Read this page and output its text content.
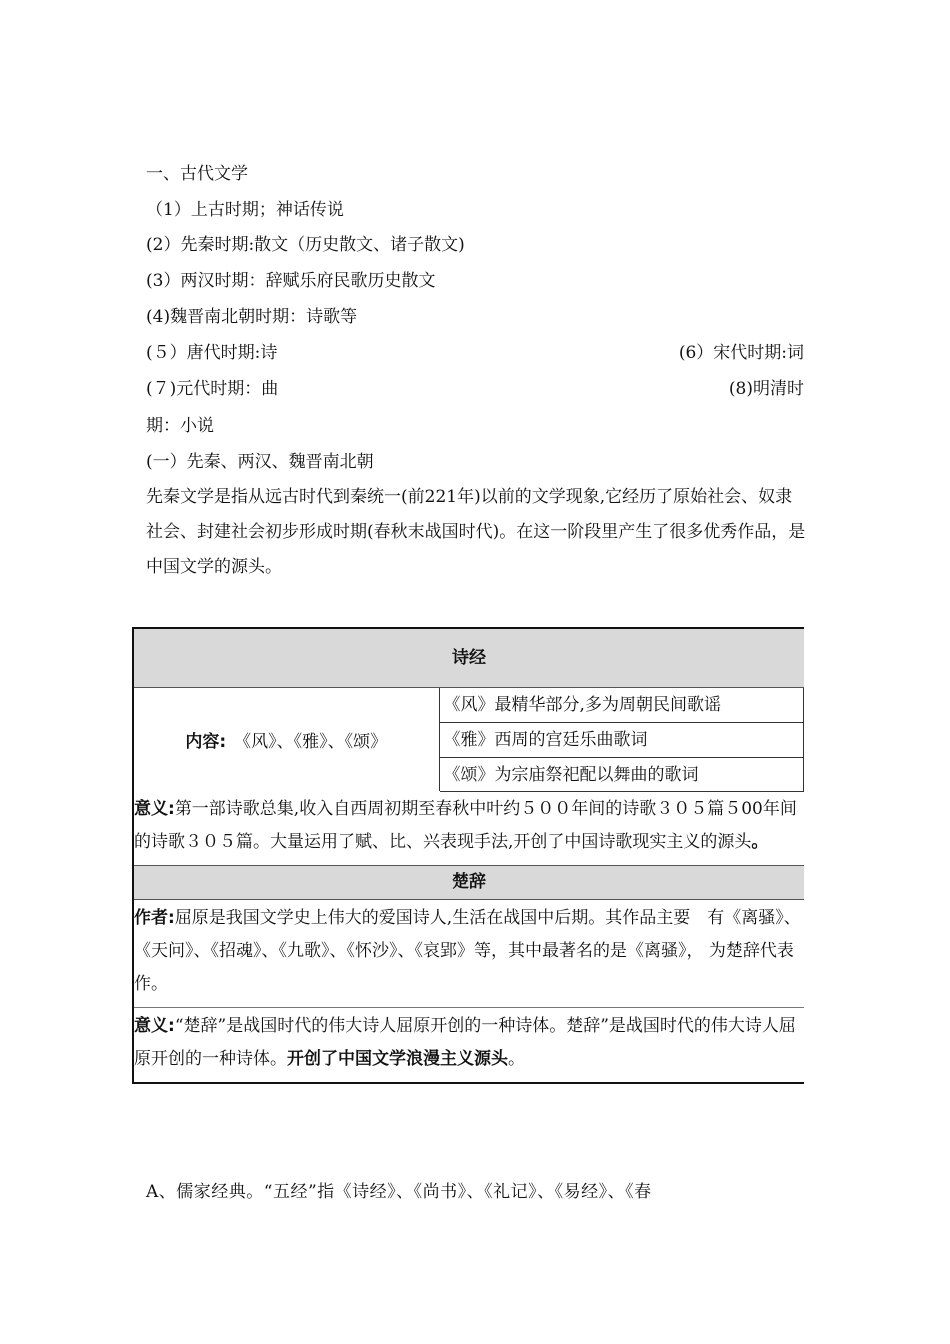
一、古代文学
（1）上古时期；神话传说
(2）先秦时期:散文（历史散文、诸子散文)
(3）两汉时期：辞赋乐府民歌历史散文
(4)魏晋南北朝时期：诗歌等
(５）唐代时期:诗	(6）宋代时期:词
(７)元代时期：曲	(8)明清时
期：小说
(一）先秦、两汉、魏晋南北朝
先秦文学是指从远古时代到秦统一(前221年)以前的文学现象,它经历了原始社会、奴隶社会、封建社会初步形成时期(春秋末战国时代)。在这一阶段里产生了很多优秀作品，是中国文学的源头。
诗经
内容: 《风》、《雅》、《颂》
《风》最精华部分,多为周朝民间歌谣
《雅》西周的宫廷乐曲歌词
《颂》为宗庙祭祀配以舞曲的歌词
意义:第一部诗歌总集,收入自西周初期至春秋中叶约５００年间的诗歌３０５篇５00年间的诗歌３０５篇。大量运用了赋、比、兴表现手法,开创了中国诗歌现实主义的源头。
楚辞
作者:屈原是我国文学史上伟大的爱国诗人,生活在战国中后期。其作品主要　有《离骚》、《天问》、《招魂》、《九歌》、《怀沙》、《哀郢》等，其中最著名的是《离骚》， 为楚辞代表作。
意义:“楚辞”是战国时代的伟大诗人屈原开创的一种诗体。楚辞”是战国时代的伟大诗人屈原开创的一种诗体。开创了中国文学浪漫主义源头。
A、儒家经典。“五经”指《诗经》、《尚书》、《礼记》、《易经》、《春
